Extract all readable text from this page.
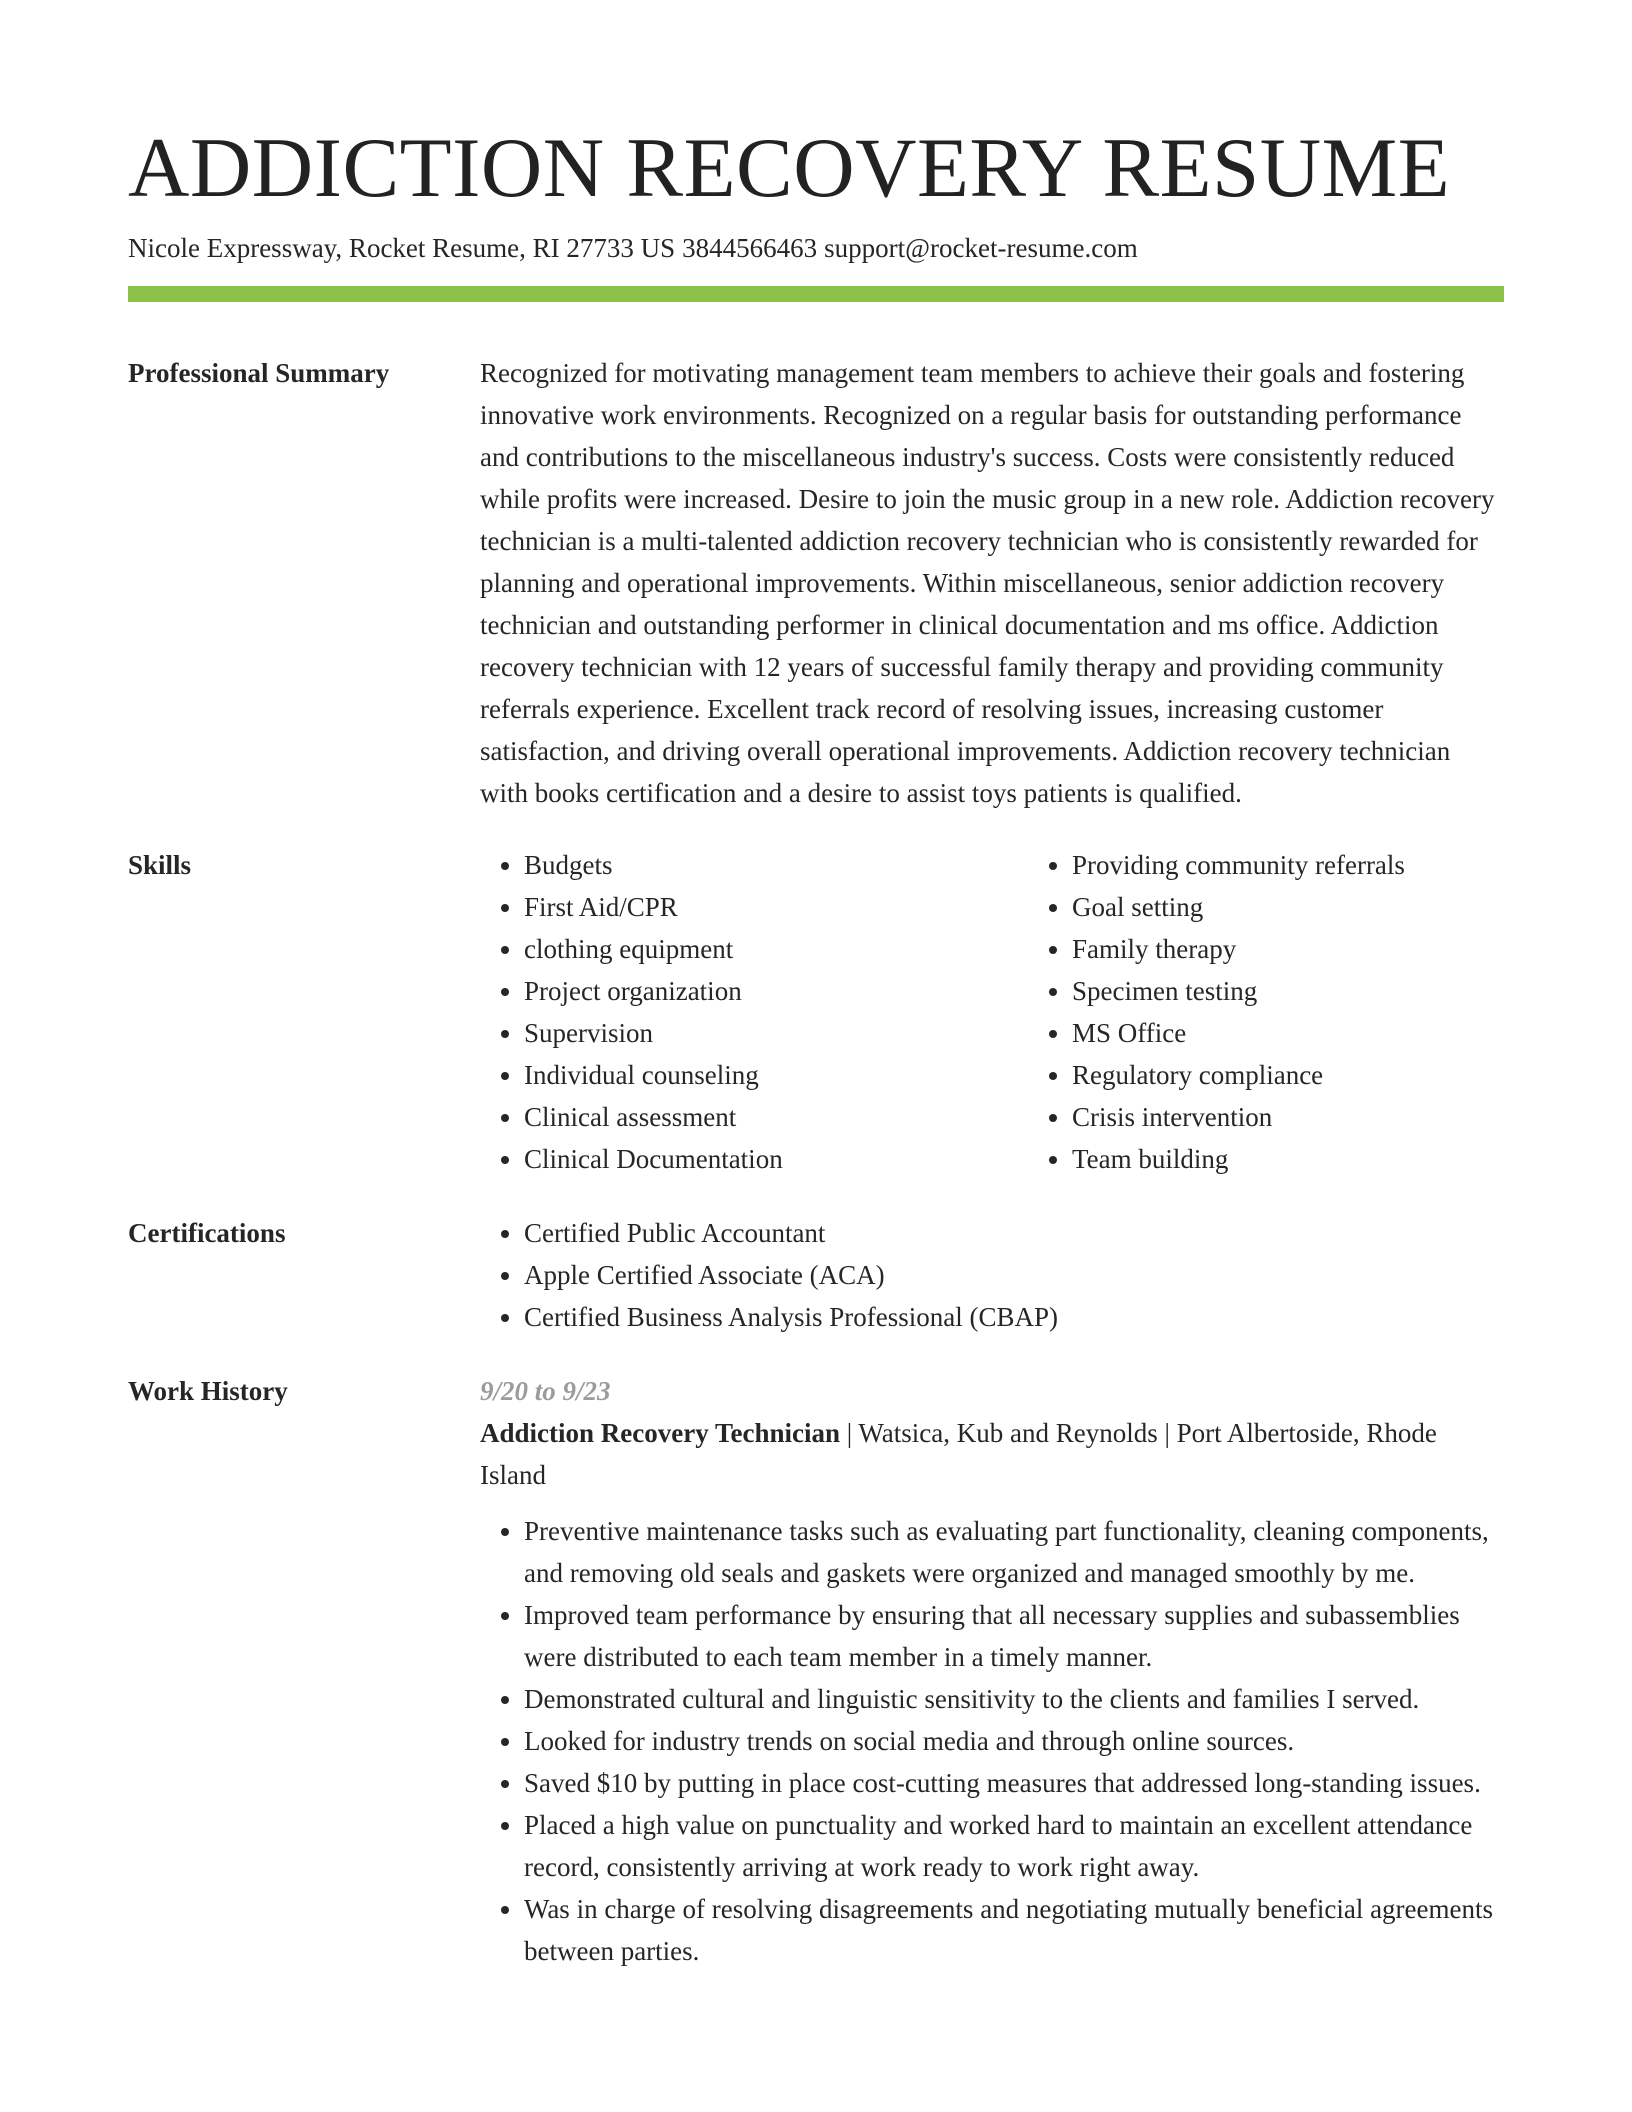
ADDICTION RECOVERY RESUME
Nicole Expressway, Rocket Resume, RI 27733 US 3844566463 support@rocket-resume.com
Professional Summary	Recognized for motivating management team members to achieve their goals and fostering innovative work environments. Recognized on a regular basis for outstanding performance and contributions to the miscellaneous industry's success. Costs were consistently reduced while profits were increased. Desire to join the music group in a new role. Addiction recovery technician is a multi-talented addiction recovery technician who is consistently rewarded for planning and operational improvements. Within miscellaneous, senior addiction recovery technician and outstanding performer in clinical documentation and ms office. Addiction recovery technician with 12 years of successful family therapy and providing community referrals experience. Excellent track record of resolving issues, increasing customer satisfaction, and driving overall operational improvements. Addiction recovery technician with books certification and a desire to assist toys patients is qualified.

Skills	• Budgets
• First Aid/CPR
• clothing equipment
• Project organization
• Supervision
• Individual counseling
• Clinical assessment
• Clinical Documentation
• Providing community referrals
• Goal setting
• Family therapy
• Specimen testing
• MS Office
• Regulatory compliance
• Crisis intervention
• Team building
Certifications	• Certified Public Accountant
• Apple Certified Associate (ACA)
• Certified Business Analysis Professional (CBAP)
Work History	9/20 to 9/23
Addiction Recovery Technician | Watsica, Kub and Reynolds | Port Albertoside, Rhode Island
• Preventive maintenance tasks such as evaluating part functionality, cleaning components, and removing old seals and gaskets were organized and managed smoothly by me.
• Improved team performance by ensuring that all necessary supplies and subassemblies were distributed to each team member in a timely manner.
• Demonstrated cultural and linguistic sensitivity to the clients and families I served.
• Looked for industry trends on social media and through online sources.
• Saved $10 by putting in place cost-cutting measures that addressed long-standing issues.
• Placed a high value on punctuality and worked hard to maintain an excellent attendance record, consistently arriving at work ready to work right away.
• Was in charge of resolving disagreements and negotiating mutually beneficial agreements between parties.
